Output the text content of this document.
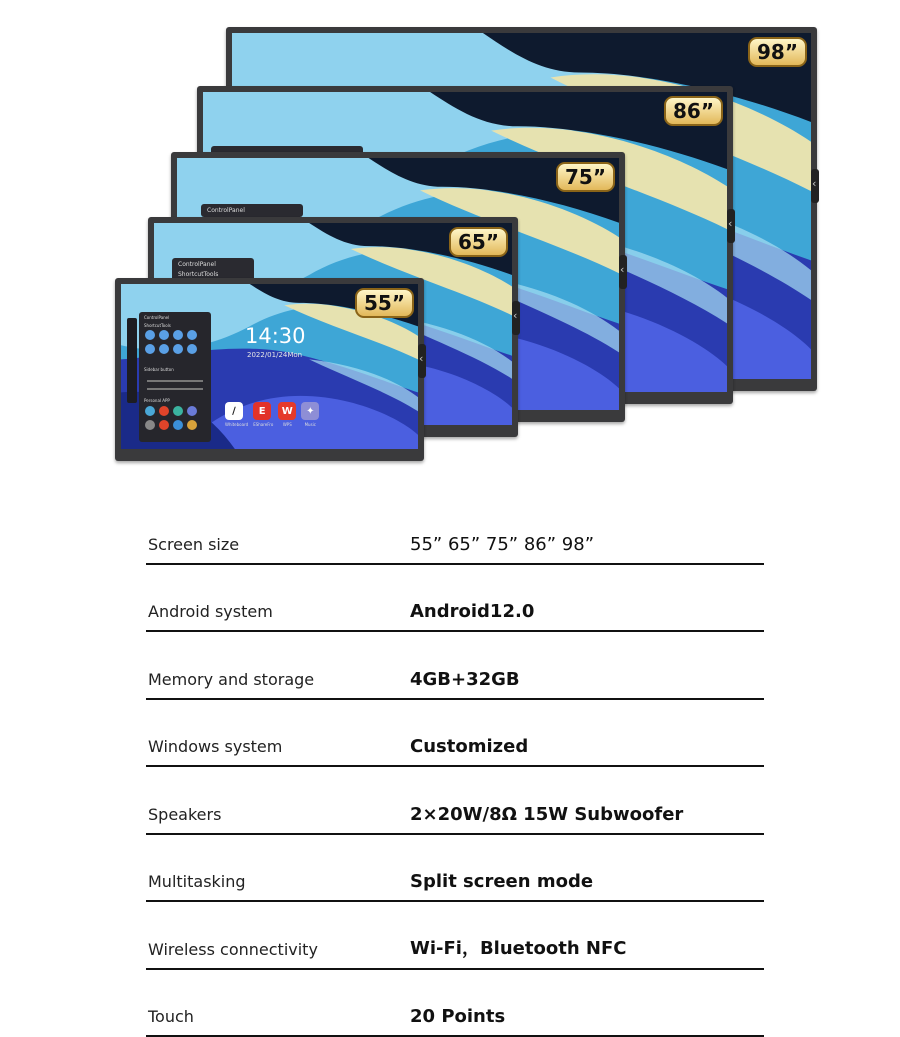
98”
‹
86”
‹
ControlPanel
75”
‹
ControlPanel
ShortcutTools
65”
‹
ControlPanel
ShortcutTools
Sidebar button
Personal APP
14:30
2022/01/24Mon
∕
Whiteboard
E
EShareFro
W
WPS
✦
Music
55”
‹
Screen size	55” 65” 75” 86” 98”
Android system	Android12.0
Memory and storage	4GB+32GB
Windows system	Customized
Speakers	2×20W/8Ω 15W Subwoofer
Multitasking	Split screen mode
Wireless connectivity	Wi-Fi，Bluetooth NFC
Touch	20 Points
